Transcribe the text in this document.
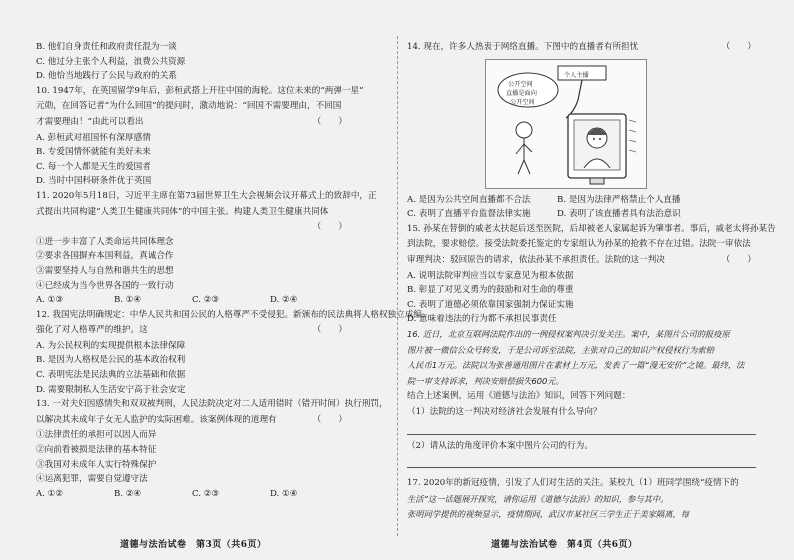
B. 他们自身责任和政府责任混为一谈
C. 他过分主张个人利益，浪费公共资源
D. 他恰当地践行了公民与政府的关系
10. 1947年，在英国留学9年后，彭桓武搭上开往中国的海轮。这位未来的“两弹一星”
元勋，在回答记者“为什么回国”的提问时，激动地说：“回国不需要理由，不回国
才需要理由！”由此可以看出	（　　）
A. 彭桓武对祖国怀有深厚感情
B. 专爱国情怀就能有美好未来
C. 每一个人都是天生的爱国者
D. 当时中国科研条件优于英国
11. 2020年5月18日，习近平主席在第73届世界卫生大会视频会议开幕式上的致辞中，正
式提出共同构建“人类卫生健康共同体”的中国主张。构建人类卫生健康共同体
（　　）

①进一步丰富了人类命运共同体理念
②要求各国摒弃本国利益，真诚合作
③需要坚持人与自然和谐共生的思想
④已经成为当今世界各国的一致行动
A. ①③	B. ①④	C. ②③	D. ②④
12. 我国宪法明确规定：中华人民共和国公民的人格尊严不受侵犯。新颁布的民法典将人格权独立成编，
强化了对人格尊严的维护。这	（　　）
A. 为公民权利的实现提供根本法律保障
B. 是因为人格权是公民的基本政治权利
C. 表明宪法是民法典的立法基础和依据
D. 需要限制私人生活安宁高于社会安定
13. 一对夫妇因感情失和双双被判刑，人民法院决定对二人适用错时（错开时间）执行刑罚，
以解决其未成年子女无人监护的实际困难。该案例体现的道理有	（　　）
①法律责任的承担可以因人而异
②向前看被损是法律的基本特征
③我国对未成年人实行特殊保护
④运离犯罪，需要自觉遵守法
A. ①②	B. ②④	C. ②③	D. ①④
道德与法治试卷　第3页（共6页）
14. 现在，许多人热衷于网络直播。下图中的直播者有所担忧	（　　）
个人主播
公开空间
直播是面向
公开空间
A. 是因为公共空间直播都不合法	B. 是因为法律严格禁止个人直播
C. 表明了直播平台监督法律实施	D. 表明了该直播者具有法治意识
15. 孙某在替倒的戚老太扶起后送至医院，后却被老人家属起诉为肇事者。事后，戚老太将孙某告
到法院，要求赔偿。接受法院委托鉴定的专家组认为孙某的抢救不存在过错。法院一审依法
审理判决：驳回原告的请求，依法孙某不承担责任。法院的这一判决	（　　）
A. 说明法院审判应当以专家意见为根本依据
B. 彰显了对见义勇为的鼓励和对生命的尊重
C. 表明了道德必须依靠国家强制力保证实施
D. 意味着违法的行为都不承担民事责任
16. 近日，北京互联网法院作出的一例侵权案判决引发关注。案中，某图片公司的报疫原
图片被一微信公众号转发，于是公司诉至法院，主张对自己的知识产权侵权行为索赔
人民币1万元。法院以为张善通用图片在素材上万元，发表了一篇“漫无安价”之镜。最终，法
院一审支持诉求，判决安赔偿损失600元。
结合上述案例，运用《道德与法治》知识，回答下列问题：
（1）法院的这一判决对经济社会发展有什么导向？
（2）请从法的角度评价本案中图片公司的行为。
17. 2020年的新冠疫情，引发了人们对生活的关注。某校九（1）班同学围绕“疫情下的
生活”这一话题展开探究，请你运用《道德与法治》的知识，参与其中。
张明同学提供的视频显示，疫情期间，武汉市某社区三学生正于美家隔离，每
道德与法治试卷　第4页（共6页）
